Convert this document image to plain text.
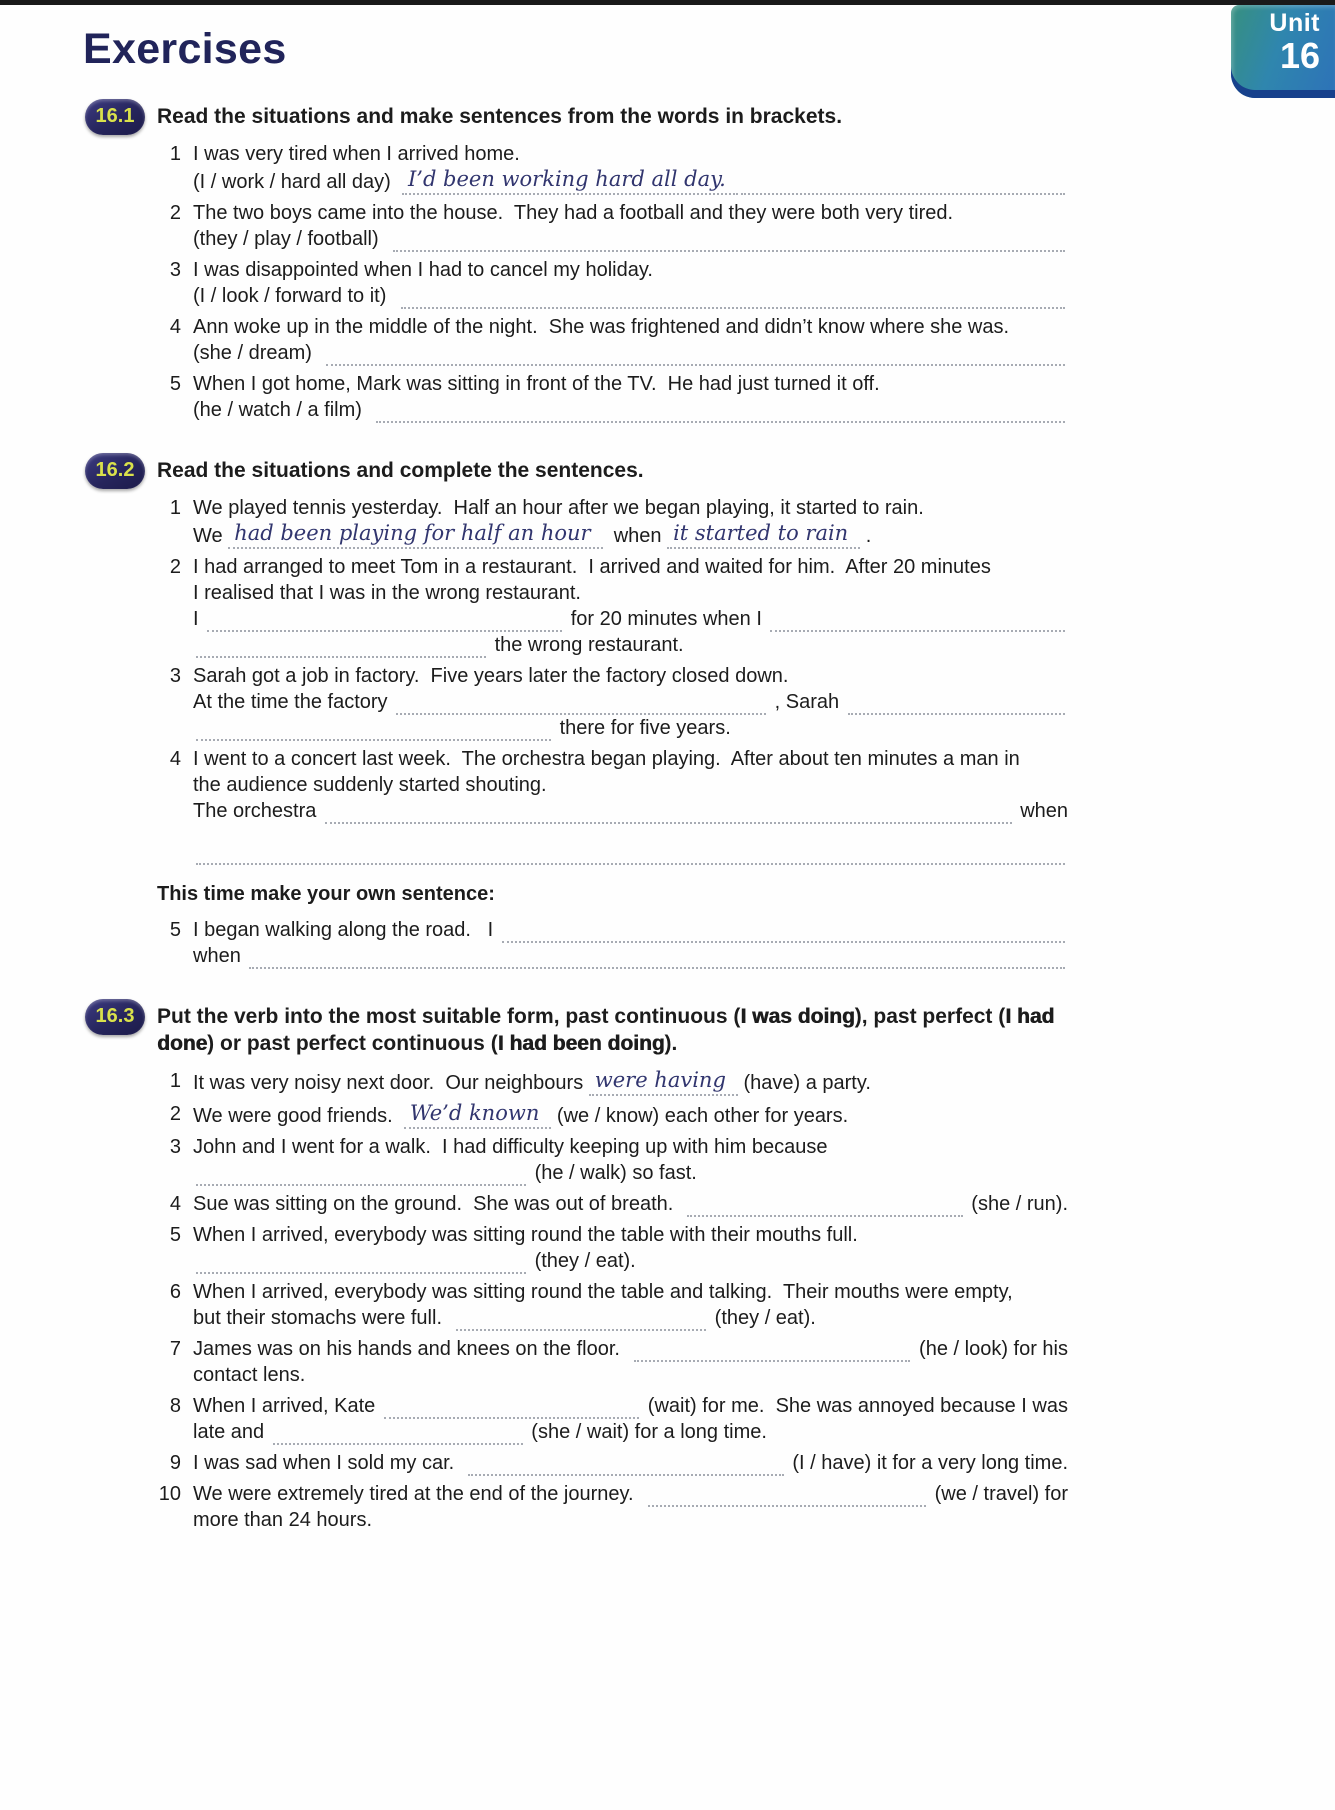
Unit
16
Exercises
16.1	Read the situations and make sentences from the words in brackets.
1 I was very tired when I arrived home.
(I / work / hard all day) I’d been working hard all day.
2 The two boys came into the house.  They had a football and they were both very tired.
(they / play / football)
3 I was disappointed when I had to cancel my holiday.
(I / look / forward to it)
4 Ann woke up in the middle of the night.  She was frightened and didn’t know where she was.
(she / dream)
5 When I got home, Mark was sitting in front of the TV.  He had just turned it off.
(he / watch / a film)
16.2	Read the situations and complete the sentences.
1 We played tennis yesterday.  Half an hour after we began playing, it started to rain.
We had been playing for half an hour when it started to rain .
2 I had arranged to meet Tom in a restaurant.  I arrived and waited for him.  After 20 minutes
I realised that I was in the wrong restaurant.
I	for 20 minutes when I
the wrong restaurant.
3 Sarah got a job in factory.  Five years later the factory closed down.
At the time the factory	, Sarah
there for five years.
4 I went to a concert last week.  The orchestra began playing.  After about ten minutes a man in
the audience suddenly started shouting.
The orchestra	when
This time make your own sentence:
5 I began walking along the road.   I
when
16.3	Put the verb into the most suitable form, past continuous (I was doing), past perfect (I had done) or past perfect continuous (I had been doing).
1 It was very noisy next door.  Our neighbours were having (have) a party.
2 We were good friends. We’d known (we / know) each other for years.
3 John and I went for a walk.  I had difficulty keeping up with him because
(he / walk) so fast.
4 Sue was sitting on the ground.  She was out of breath.	(she / run).
5 When I arrived, everybody was sitting round the table with their mouths full.
(they / eat).
6 When I arrived, everybody was sitting round the table and talking.  Their mouths were empty,
but their stomachs were full.	(they / eat).
7 James was on his hands and knees on the floor.	(he / look) for his
contact lens.
8 When I arrived, Kate	(wait) for me.  She was annoyed because I was
late and	(she / wait) for a long time.
9 I was sad when I sold my car.	(I / have) it for a very long time.
10 We were extremely tired at the end of the journey.	(we / travel) for
more than 24 hours.
